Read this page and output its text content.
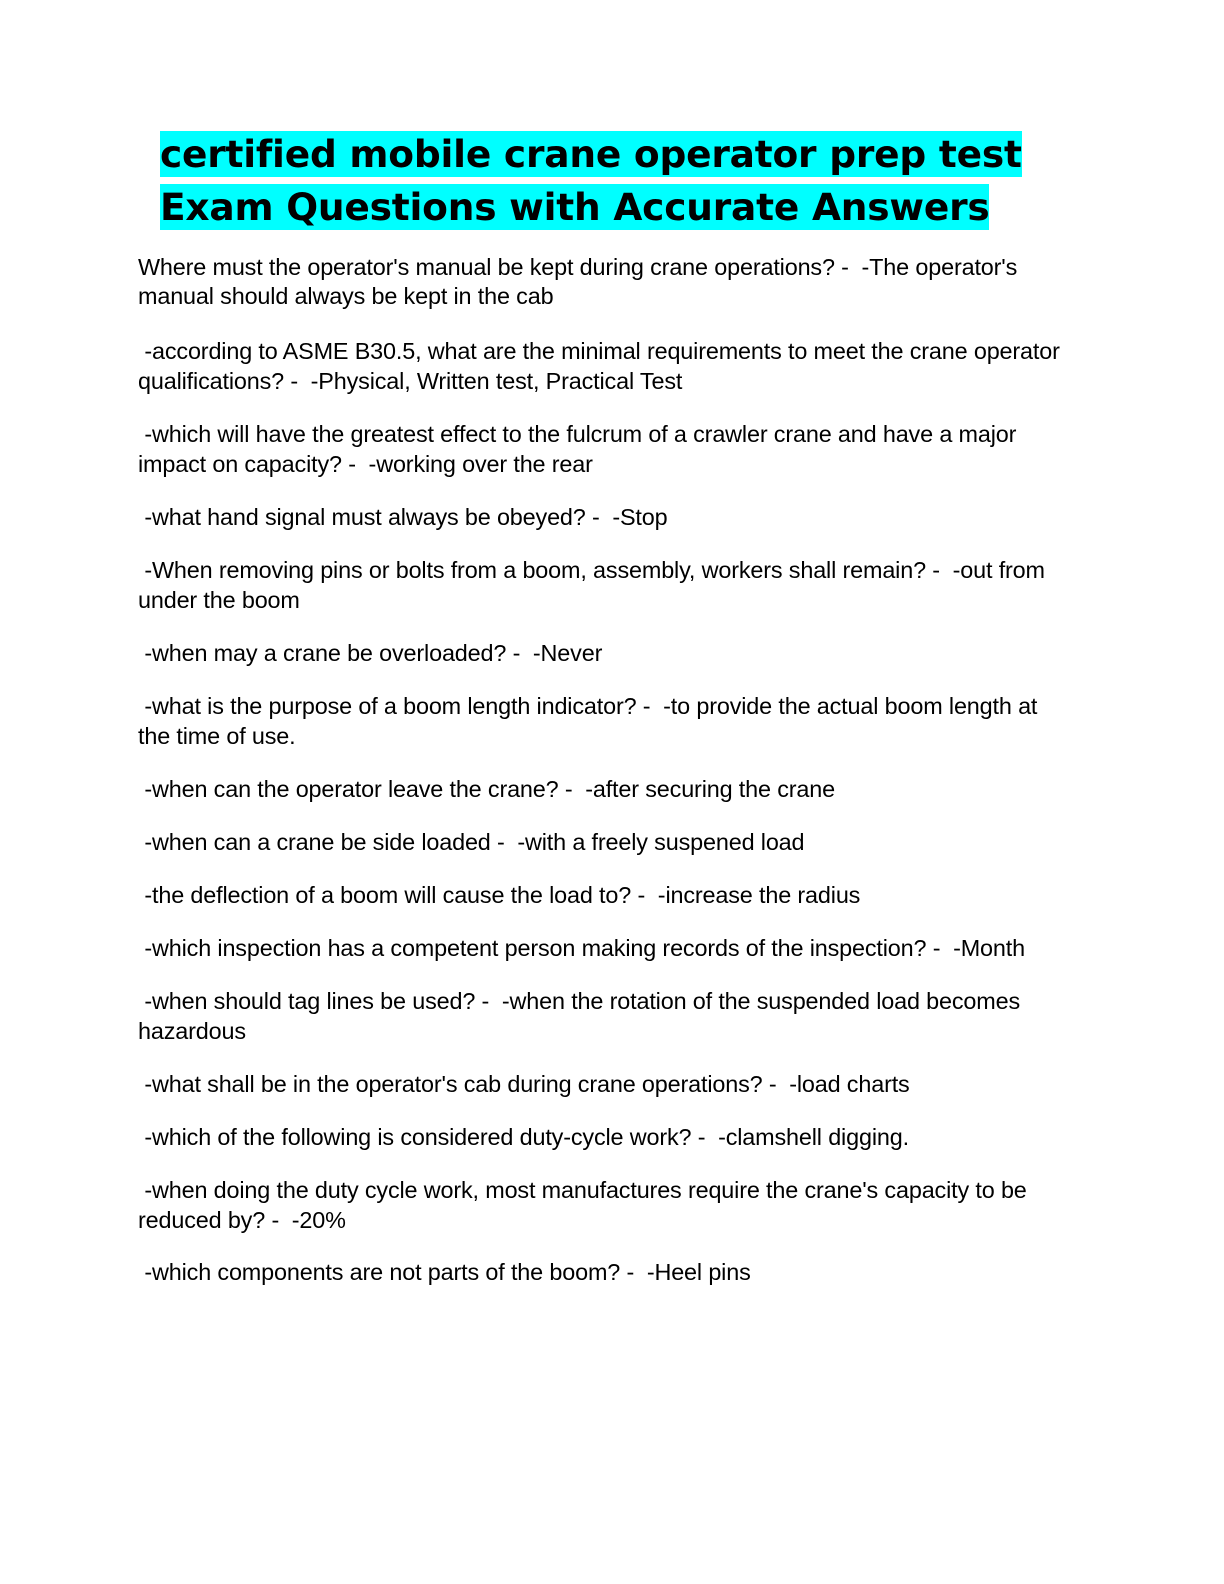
certified mobile crane operator prep test
Exam Questions with Accurate Answers

Where must the operator's manual be kept during crane operations? -  -The operator's manual should always be kept in the cab

-according to ASME B30.5, what are the minimal requirements to meet the crane operator qualifications? -  -Physical, Written test, Practical Test

-which will have the greatest effect to the fulcrum of a crawler crane and have a major impact on capacity? -  -working over the rear

-what hand signal must always be obeyed? -  -Stop

-When removing pins or bolts from a boom, assembly, workers shall remain? -  -out from under the boom

-when may a crane be overloaded? -  -Never

-what is the purpose of a boom length indicator? -  -to provide the actual boom length at the time of use.

-when can the operator leave the crane? -  -after securing the crane

-when can a crane be side loaded -  -with a freely suspened load

-the deflection of a boom will cause the load to? -  -increase the radius

-which inspection has a competent person making records of the inspection? -  -Month

-when should tag lines be used? -  -when the rotation of the suspended load becomes hazardous

-what shall be in the operator's cab during crane operations? -  -load charts

-which of the following is considered duty-cycle work? -  -clamshell digging.

-when doing the duty cycle work, most manufactures require the crane's capacity to be reduced by? -  -20%

-which components are not parts of the boom? -  -Heel pins
